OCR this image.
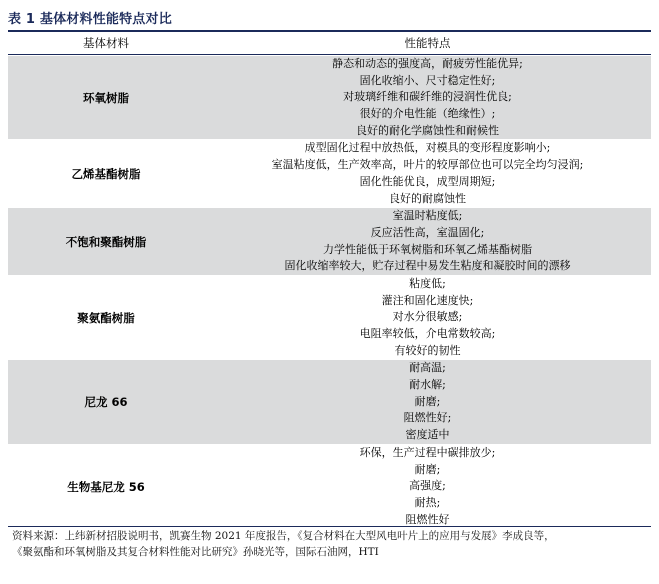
表 1 基体材料性能特点对比
基体材料	性能特点
环氧树脂
静态和动态的强度高，耐疲劳性能优异;
固化收缩小、尺寸稳定性好;
对玻璃纤维和碳纤维的浸润性优良;
很好的介电性能（绝缘性）;
良好的耐化学腐蚀性和耐候性
乙烯基酯树脂
成型固化过程中放热低，对模具的变形程度影响小;
室温粘度低，生产效率高，叶片的较厚部位也可以完全均匀浸润;
固化性能优良，成型周期短;
良好的耐腐蚀性
不饱和聚酯树脂
室温时粘度低;
反应活性高，室温固化;
力学性能低于环氧树脂和环氧乙烯基酯树脂
固化收缩率较大，贮存过程中易发生粘度和凝胶时间的漂移
聚氨酯树脂
粘度低;
灌注和固化速度快;
对水分很敏感;
电阻率较低，介电常数较高;
有较好的韧性
尼龙 66
耐高温;
耐水解;
耐磨;
阻燃性好;
密度适中
生物基尼龙 56
环保，生产过程中碳排放少;
耐磨;
高强度;
耐热;
阻燃性好
资料来源：上纬新材招股说明书，凯赛生物 2021 年度报告，《复合材料在大型风电叶片上的应用与发展》李成良等，
《聚氨酯和环氧树脂及其复合材料性能对比研究》孙晓光等，国际石油网，HTI
